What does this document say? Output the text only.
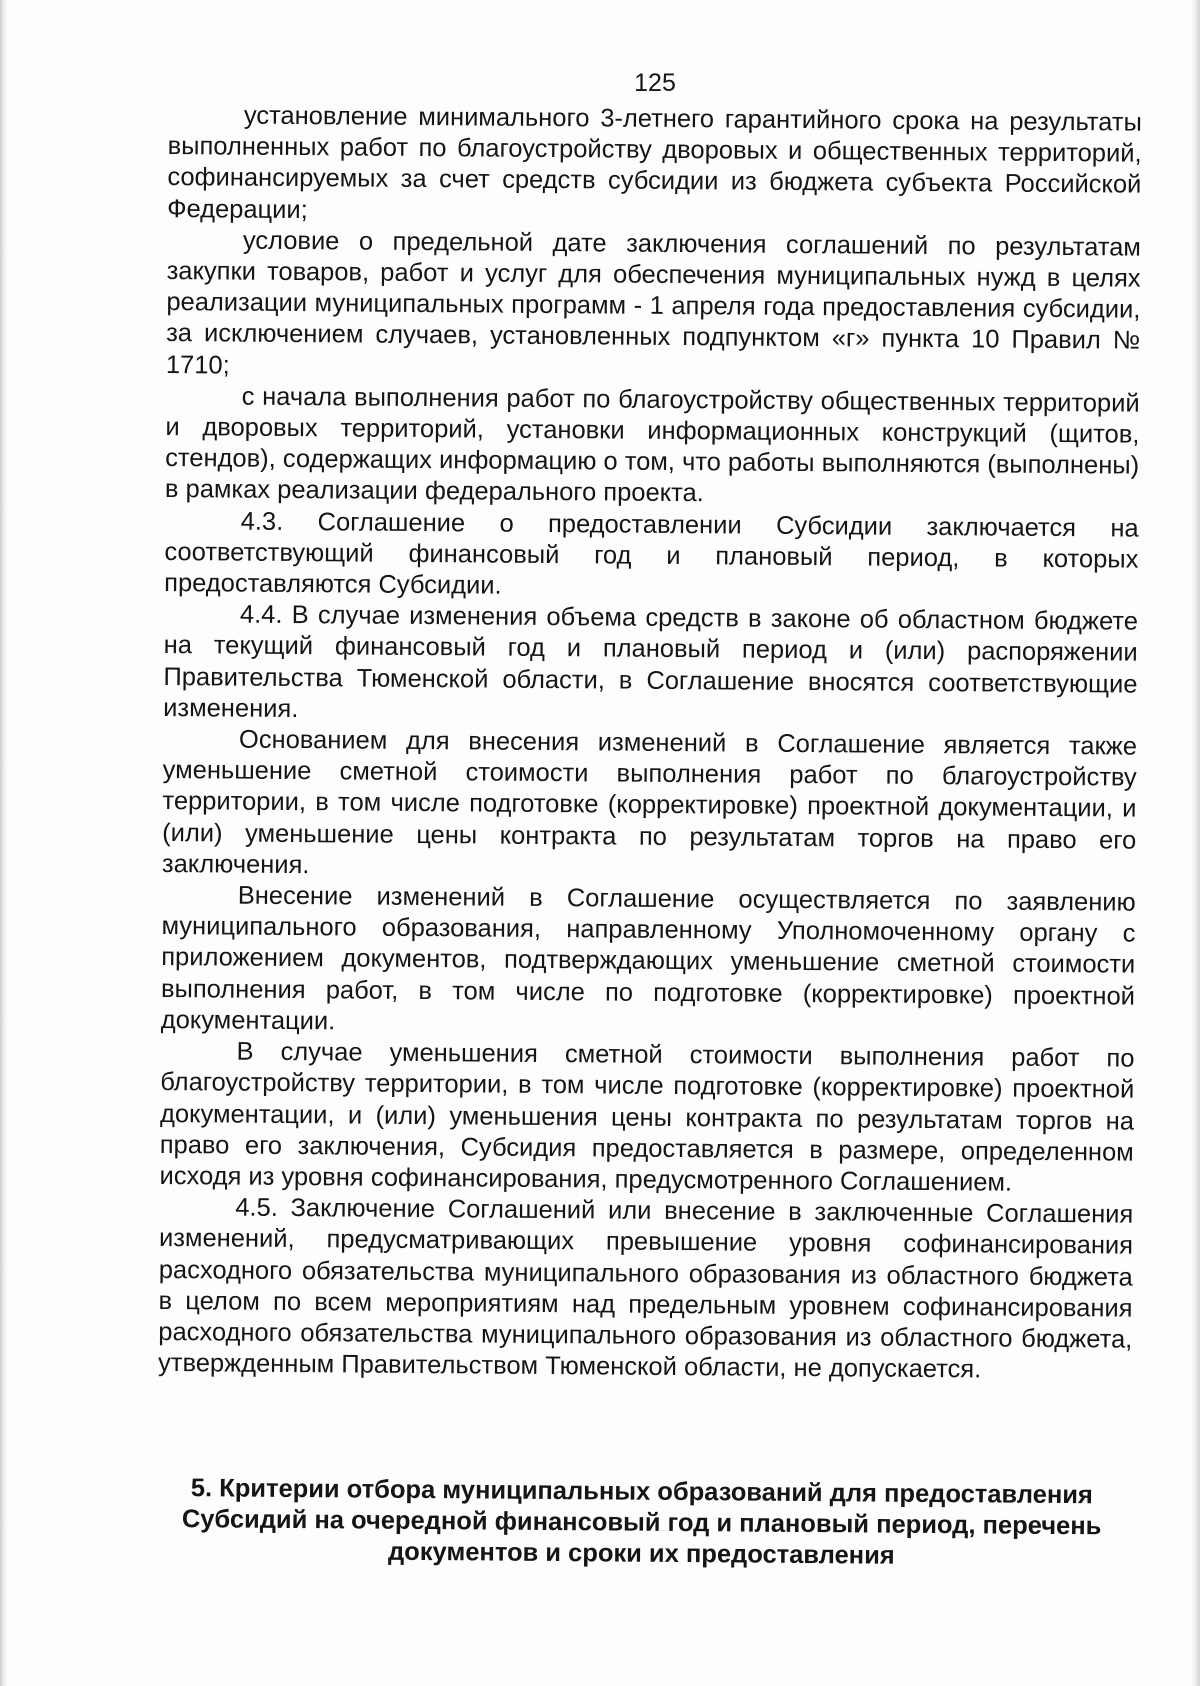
125

установление минимального 3-летнего гарантийного срока на результаты выполненных работ по благоустройству дворовых и общественных территорий, софинансируемых за счет средств субсидии из бюджета субъекта Российской Федерации;

условие о предельной дате заключения соглашений по результатам закупки товаров, работ и услуг для обеспечения муниципальных нужд в целях реализации муниципальных программ - 1 апреля года предоставления субсидии, за исключением случаев, установленных подпунктом «г» пункта 10 Правил № 1710;

с начала выполнения работ по благоустройству общественных территорий и дворовых территорий, установки информационных конструкций (щитов, стендов), содержащих информацию о том, что работы выполняются (выполнены) в рамках реализации федерального проекта.

4.3. Соглашение о предоставлении Субсидии заключается на соответствующий финансовый год и плановый период, в которых предоставляются Субсидии.

4.4. В случае изменения объема средств в законе об областном бюджете на текущий финансовый год и плановый период и (или) распоряжении Правительства Тюменской области, в Соглашение вносятся соответствующие изменения.

Основанием для внесения изменений в Соглашение является также уменьшение сметной стоимости выполнения работ по благоустройству территории, в том числе подготовке (корректировке) проектной документации, и (или) уменьшение цены контракта по результатам торгов на право его заключения.

Внесение изменений в Соглашение осуществляется по заявлению муниципального образования, направленному Уполномоченному органу с приложением документов, подтверждающих уменьшение сметной стоимости выполнения работ, в том числе по подготовке (корректировке) проектной документации.

В случае уменьшения сметной стоимости выполнения работ по благоустройству территории, в том числе подготовке (корректировке) проектной документации, и (или) уменьшения цены контракта по результатам торгов на право его заключения, Субсидия предоставляется в размере, определенном исходя из уровня софинансирования, предусмотренного Соглашением.

4.5. Заключение Соглашений или внесение в заключенные Соглашения изменений, предусматривающих превышение уровня софинансирования расходного обязательства муниципального образования из областного бюджета в целом по всем мероприятиям над предельным уровнем софинансирования расходного обязательства муниципального образования из областного бюджета, утвержденным Правительством Тюменской области, не допускается.

5. Критерии отбора муниципальных образований для предоставления Субсидий на очередной финансовый год и плановый период, перечень документов и сроки их предоставления
